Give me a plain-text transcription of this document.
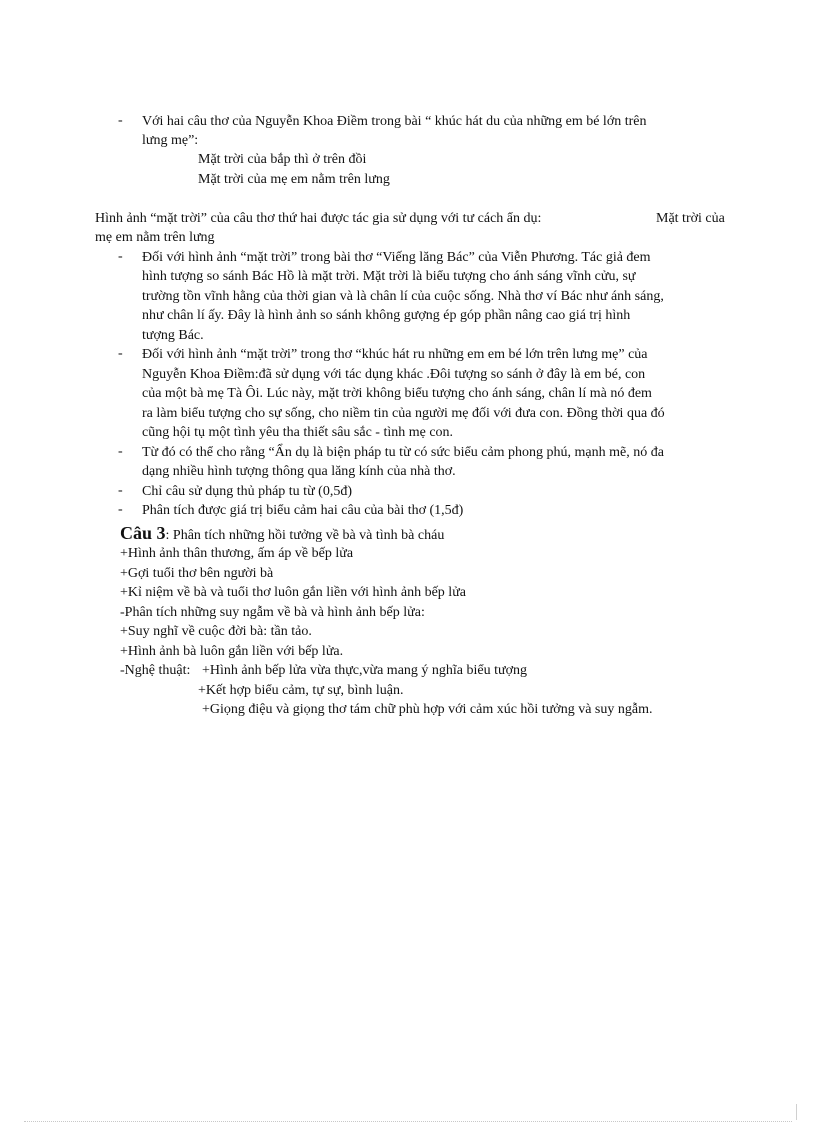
-	Với hai câu thơ của Nguyễn Khoa Điềm trong bài “ khúc hát du của những em bé lớn trên
lưng mẹ”:
Mặt trời của bắp thì ở trên đồi
Mặt trời của mẹ em nằm trên lưng
Hình ảnh “mặt trời” của câu thơ thứ hai được tác gia sử dụng với tư cách ẩn dụ:	Mặt trời của
mẹ em nằm trên lưng
-	Đối với hình ảnh “mặt trời” trong bài thơ “Viếng lăng Bác” của Viễn Phương. Tác giả đem
hình tượng so sánh Bác Hồ là mặt trời. Mặt trời là biểu tượng cho ánh sáng vĩnh cửu, sự
trường tồn vĩnh hằng của thời gian và là chân lí của cuộc sống. Nhà thơ ví Bác như ánh sáng,
như chân lí ấy. Đây là hình ảnh so sánh không gượng ép góp phần nâng cao giá trị hình
tượng Bác.
-	Đối với hình ảnh “mặt trời” trong thơ “khúc hát ru những em em bé lớn trên lưng mẹ” của
Nguyễn Khoa Điềm:đã sử dụng với tác dụng khác .Đôi tượng so sánh ở đây là em bé, con
của một bà mẹ Tà Ôi. Lúc này, mặt trời không biểu tượng cho ánh sáng, chân lí mà nó đem
ra làm biểu tượng cho sự sống, cho niềm tin của người mẹ đối với đưa con. Đồng thời qua đó
cũng hội tụ một tình yêu tha thiết sâu sắc - tình mẹ con.
-	Từ đó có thể cho rằng “Ẩn dụ là biện pháp tu từ có sức biểu cảm phong phú, mạnh mẽ, nó đa
dạng nhiều hình tượng thông qua lăng kính của nhà thơ.
-	Chỉ câu sử dụng thủ pháp tu từ (0,5đ)
-	Phân tích được giá trị biểu cảm hai câu của bài thơ (1,5đ)
Câu 3: Phân tích những hồi tưởng về bà và tình bà cháu
+Hình ảnh thân thương, ấm áp về bếp lửa
+Gợi tuổi thơ bên người bà
+Kỉ niệm về bà và tuổi thơ luôn gắn liền với hình ảnh bếp lửa
-Phân tích những suy ngẫm về bà và hình ảnh bếp lửa:
+Suy nghĩ về cuộc đời bà: tần tảo.
+Hình ảnh bà luôn gắn liền với bếp lửa.
-Nghệ thuật: +Hình ảnh bếp lửa vừa thực,vừa mang ý nghĩa biểu tượng
+Kết hợp biểu cảm, tự sự, bình luận.
+Giọng điệu và giọng thơ tám chữ phù hợp với cảm xúc hồi tưởng và suy ngẫm.
